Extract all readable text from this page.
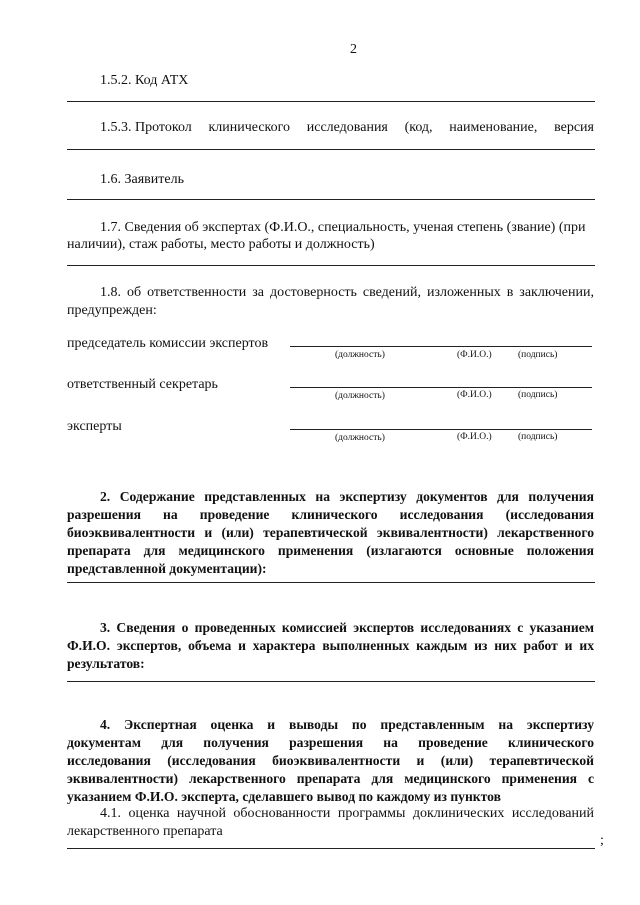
2
1.5.2. Код АТХ
1.5.3. Протокол клинического исследования (код, наименование, версия
1.6. Заявитель
1.7. Сведения об экспертах (Ф.И.О., специальность, ученая степень (звание) (при
наличии), стаж работы, место работы и должность)
1.8. об ответственности за достоверность сведений, изложенных в заключении,
предупрежден:
председатель комиссии экспертов
(должность)	(Ф.И.О.)	(подпись)
ответственный секретарь
(должность)	(Ф.И.О.)	(подпись)
эксперты
(должность)	(Ф.И.О.)	(подпись)
2. Содержание представленных на экспертизу документов для получения
разрешения на проведение клинического исследования (исследования
биоэквивалентности и (или) терапевтической эквивалентности) лекарственного
препарата для медицинского применения (излагаются основные положения
представленной документации):
3. Сведения о проведенных комиссией экспертов исследованиях с указанием
Ф.И.О. экспертов, объема и характера выполненных каждым из них работ и их
результатов:
4. Экспертная оценка и выводы по представленным на экспертизу
документам для получения разрешения на проведение клинического
исследования (исследования биоэквивалентности и (или) терапевтической
эквивалентности) лекарственного препарата для медицинского применения с
указанием Ф.И.О. эксперта, сделавшего вывод по каждому из пунктов
4.1. оценка научной обоснованности программы доклинических исследований
лекарственного препарата
;
